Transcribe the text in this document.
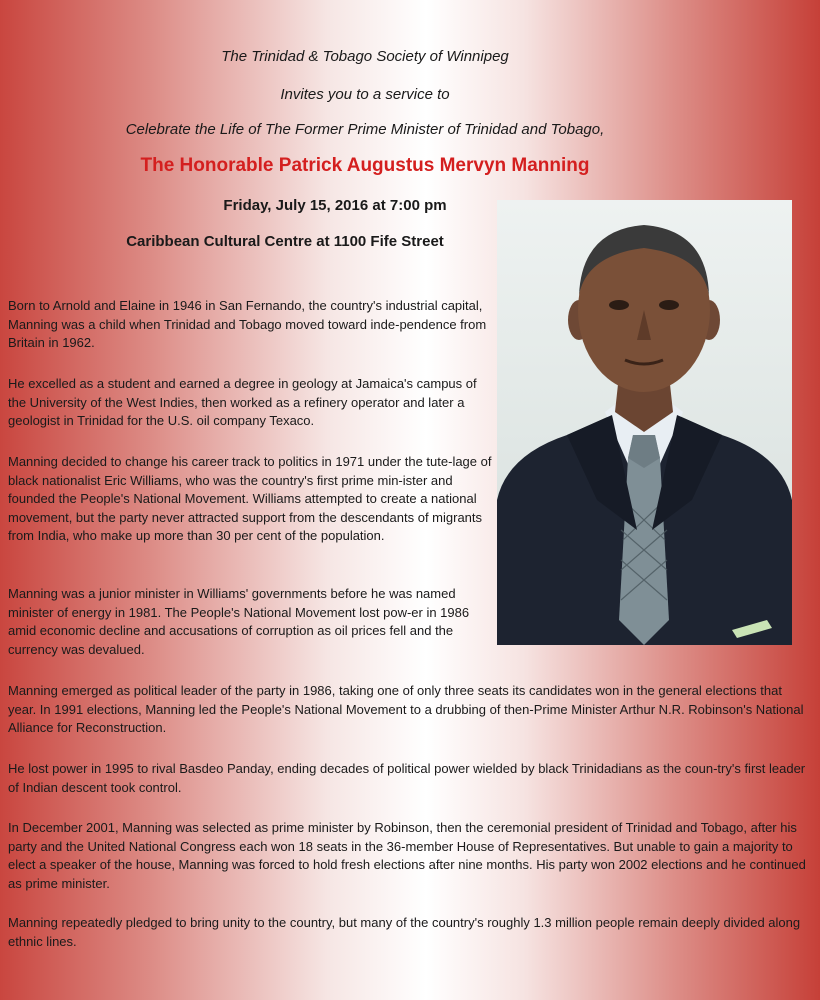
The Trinidad & Tobago Society of Winnipeg
Invites you to a service to
Celebrate the Life of The Former Prime Minister of Trinidad and Tobago,
The Honorable Patrick Augustus Mervyn Manning
Friday, July 15, 2016 at 7:00 pm
Caribbean Cultural Centre at 1100 Fife Street

Born to Arnold and Elaine in 1946 in San Fernando, the country's industrial capital, Manning was a child when Trinidad and Tobago moved toward inde-pendence from Britain in 1962.

He excelled as a student and earned a degree in geology at Jamaica's campus of the University of the West Indies, then worked as a refinery operator and later a geologist in Trinidad for the U.S. oil company Texaco.

Manning decided to change his career track to politics in 1971 under the tute-lage of black nationalist Eric Williams, who was the country's first prime min-ister and founded the People's National Movement. Williams attempted to create a national movement, but the party never attracted support from the descendants of migrants from India, who make up more than 30 per cent of the population.

Manning was a junior minister in Williams' governments before he was named minister of energy in 1981. The People's National Movement lost pow-er in 1986 amid economic decline and accusations of corruption as oil prices fell and the currency was devalued.

Manning emerged as political leader of the party in 1986, taking one of only three seats its candidates won in the general elections that year. In 1991 elections, Manning led the People's National Movement to a drubbing of then-Prime Minister Arthur N.R. Robinson's National Alliance for Reconstruction.

He lost power in 1995 to rival Basdeo Panday, ending decades of political power wielded by black Trinidadians as the coun-try's first leader of Indian descent took control.

In December 2001, Manning was selected as prime minister by Robinson, then the ceremonial president of Trinidad and Tobago, after his party and the United National Congress each won 18 seats in the 36-member House of Representatives. But unable to gain a majority to elect a speaker of the house, Manning was forced to hold fresh elections after nine months. His party won 2002 elections and he continued as prime minister.

Manning repeatedly pledged to bring unity to the country, but many of the country's roughly 1.3 million people remain deeply divided along ethnic lines.
